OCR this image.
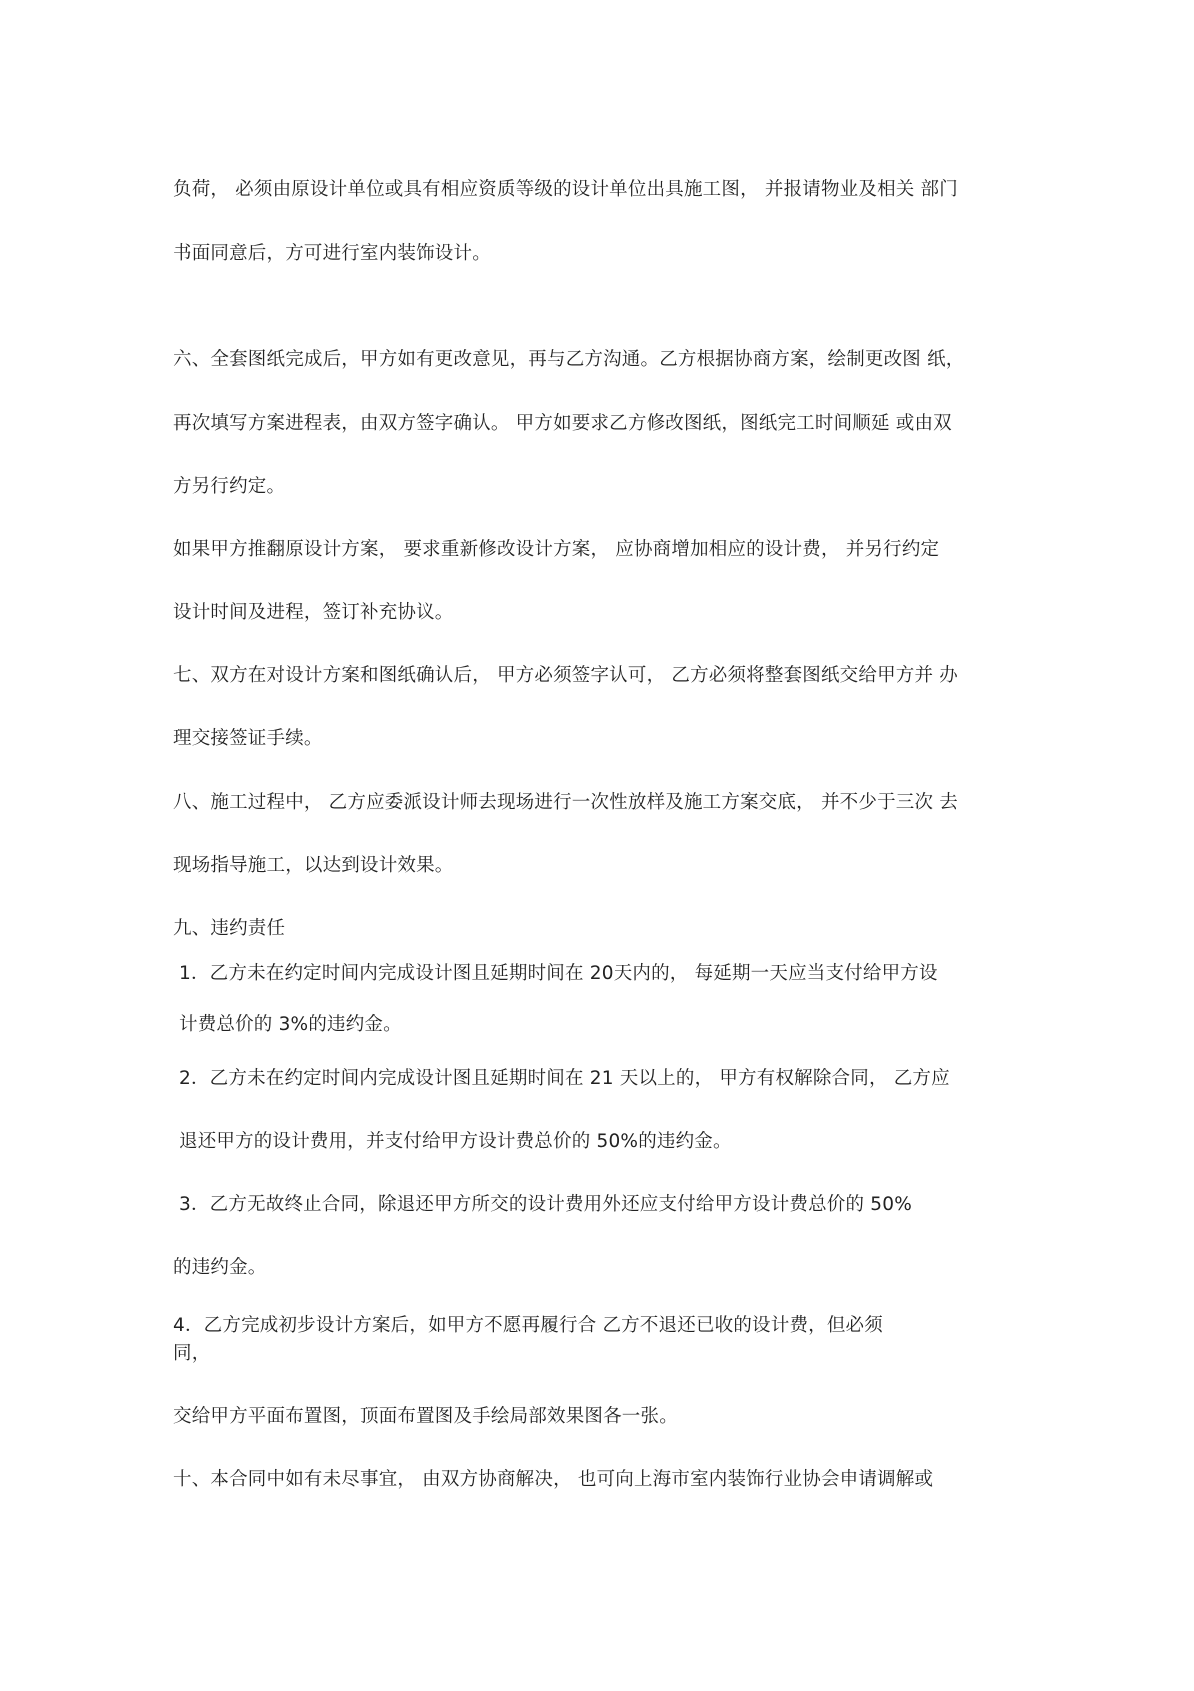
负荷， 必须由原设计单位或具有相应资质等级的设计单位出具施工图， 并报请物业及相关 部门
书面同意后，方可进行室内装饰设计。
六、全套图纸完成后，甲方如有更改意见，再与乙方沟通。乙方根据协商方案，绘制更改图 纸，
再次填写方案进程表，由双方签字确认。 甲方如要求乙方修改图纸，图纸完工时间顺延 或由双
方另行约定。
如果甲方推翻原设计方案， 要求重新修改设计方案， 应协商增加相应的设计费， 并另行约定
设计时间及进程，签订补充协议。
七、双方在对设计方案和图纸确认后， 甲方必须签字认可， 乙方必须将整套图纸交给甲方并 办
理交接签证手续。
八、施工过程中， 乙方应委派设计师去现场进行一次性放样及施工方案交底， 并不少于三次 去
现场指导施工，以达到设计效果。
九、违约责任
1．乙方未在约定时间内完成设计图且延期时间在 20天内的， 每延期一天应当支付给甲方设
计费总价的 3%的违约金。
2．乙方未在约定时间内完成设计图且延期时间在 21 天以上的， 甲方有权解除合同， 乙方应
退还甲方的设计费用，并支付给甲方设计费总价的 50%的违约金。
3．乙方无故终止合同，除退还甲方所交的设计费用外还应支付给甲方设计费总价的 50%
的违约金。
4．乙方完成初步设计方案后，如甲方不愿再履行合 乙方不退还已收的设计费，但必须
同，
交给甲方平面布置图，顶面布置图及手绘局部效果图各一张。
十、本合同中如有未尽事宜， 由双方协商解决， 也可向上海市室内装饰行业协会申请调解或
